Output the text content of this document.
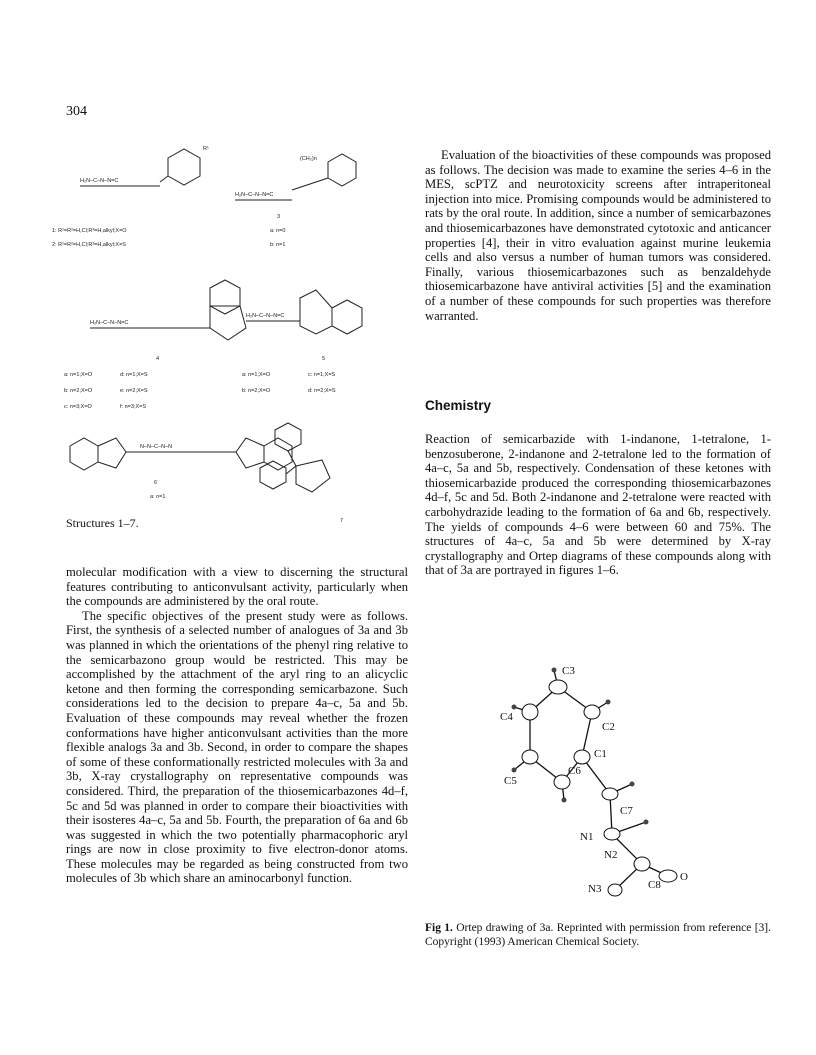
304
H₂N–C–N–N=C
H₂N–C–N–N=C
H₂N–C–N–N=C
H₂N–C–N–N=C
N–N–C–N–N
(CH₂)n
R¹
1: R¹=R²=H,Cl;R³=H,alkyl;X=O
2: R¹=R²=H,Cl;R³=H,alkyl;X=S
3
a: n=0
b: n=1
4
a: n=1;X=O	d: n=1;X=S
b: n=2;X=O	e: n=2;X=S
c: n=3;X=O	f: n=3;X=S
5
a: n=1;X=O	c: n=1;X=S
b: n=2;X=O	d: n=2;X=S
6
a: n=1
7
Structures 1–7.

molecular modification with a view to discerning the structural features contributing to anticonvulsant activity, particularly when the compounds are administered by the oral route.

The specific objectives of the present study were as follows. First, the synthesis of a selected number of analogues of 3a and 3b was planned in which the orientations of the phenyl ring relative to the semicarbazono group would be restricted. This may be accomplished by the attachment of the aryl ring to an alicyclic ketone and then forming the corresponding semicarbazone. Such considerations led to the decision to prepare 4a–c, 5a and 5b. Evaluation of these compounds may reveal whether the frozen conformations have higher anticonvulsant activities than the more flexible analogs 3a and 3b. Second, in order to compare the shapes of some of these conformationally restricted molecules with 3a and 3b, X-ray crystallography on representative compounds was considered. Third, the preparation of the thiosemicarbazones 4d–f, 5c and 5d was planned in order to compare their bioactivities with their isosteres 4a–c, 5a and 5b. Fourth, the preparation of 6a and 6b was suggested in which the two potentially pharmacophoric aryl rings are now in close proximity to five electron-donor atoms. These molecules may be regarded as being constructed from two molecules of 3b which share an aminocarbonyl function.

Evaluation of the bioactivities of these compounds was proposed as follows. The decision was made to examine the series 4–6 in the MES, scPTZ and neurotoxicity screens after intraperitoneal injection into mice. Promising compounds would be administered to rats by the oral route. In addition, since a number of semicarbazones and thiosemicarbazones have demonstrated cytotoxic and anticancer properties [4], their in vitro evaluation against murine leukemia cells and also versus a number of human tumors was considered. Finally, various thiosemicarbazones such as benzaldehyde thiosemicarbazone have antiviral activities [5] and the examination of a number of these compounds for such properties was therefore warranted.

Chemistry

Reaction of semicarbazide with 1-indanone, 1-tetralone, 1-benzosuberone, 2-indanone and 2-tetralone led to the formation of 4a–c, 5a and 5b, respectively. Condensation of these ketones with thiosemicarbazide produced the corresponding thiosemicarbazones 4d–f, 5c and 5d. Both 2-indanone and 2-tetralone were reacted with carbohydrazide leading to the formation of 6a and 6b, respectively. The yields of compounds 4–6 were between 60 and 75%. The structures of 4a–c, 5a and 5b were determined by X-ray crystallography and Ortep diagrams of these compounds along with that of 3a are portrayed in figures 1–6.

C3
C2
C4
C1
C5
C6
C7
N1
N2
N3	C8
O
Fig 1. Ortep drawing of 3a. Reprinted with permission from reference [3]. Copyright (1993) American Chemical Society.
